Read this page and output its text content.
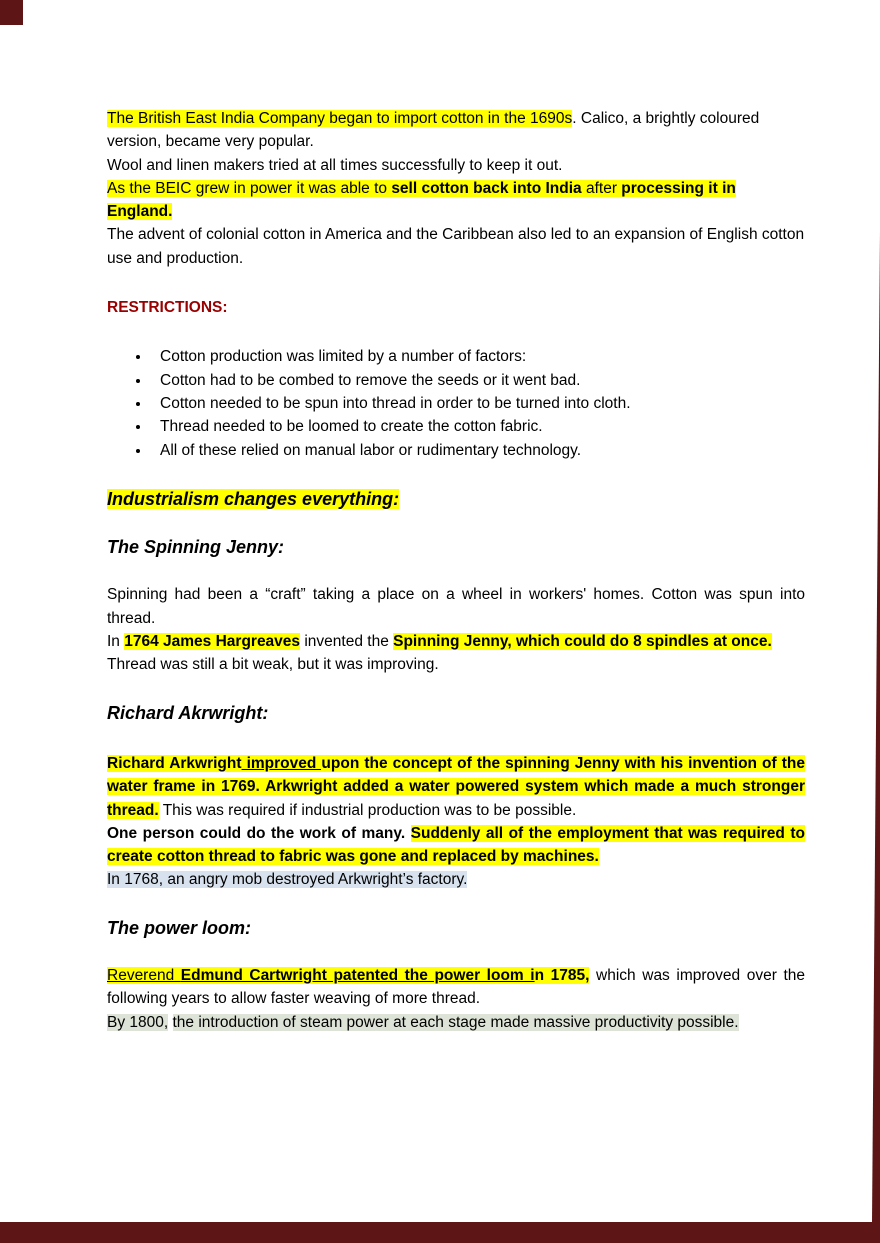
The British East India Company began to import cotton in the 1690s. Calico, a brightly coloured version, became very popular.

Wool and linen makers tried at all times successfully to keep it out.

As the BEIC grew in power it was able to sell cotton back into India after processing it in England.

The advent of colonial cotton in America and the Caribbean also led to an expansion of English cotton use and production.

RESTRICTIONS:

• Cotton production was limited by a number of factors:
• Cotton had to be combed to remove the seeds or it went bad.
• Cotton needed to be spun into thread in order to be turned into cloth.
• Thread needed to be loomed to create the cotton fabric.
• All of these relied on manual labor or rudimentary technology.

Industrialism changes everything:

The Spinning Jenny:

Spinning had been a “craft” taking a place on a wheel in workers' homes. Cotton was spun into thread.

In 1764 James Hargreaves invented the Spinning Jenny, which could do 8 spindles at once.

Thread was still a bit weak, but it was improving.

Richard Akrwright:

Richard Arkwright improved upon the concept of the spinning Jenny with his invention of the water frame in 1769. Arkwright added a water powered system which made a much stronger thread. This was required if industrial production was to be possible.

One person could do the work of many. Suddenly all of the employment that was required to create cotton thread to fabric was gone and replaced by machines.

In 1768, an angry mob destroyed Arkwright’s factory.

The power loom:

Reverend Edmund Cartwright patented the power loom in 1785, which was improved over the following years to allow faster weaving of more thread.

By 1800, the introduction of steam power at each stage made massive productivity possible.
